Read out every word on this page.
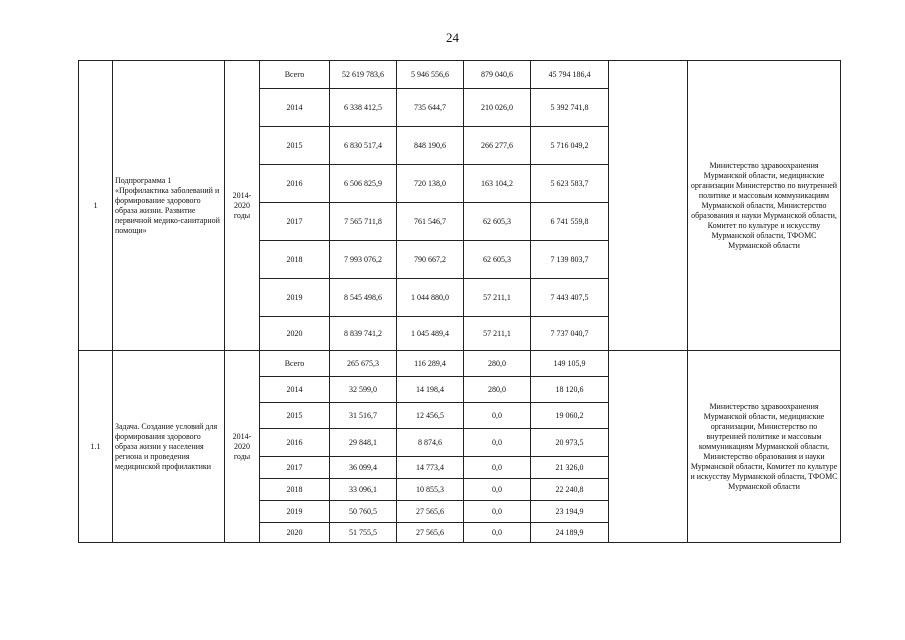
24
1	Подпрограмма 1 «Профилактика заболеваний и формирование здорового образа жизни. Развитие первичной медико-санитарной помощи»	2014-2020 годы	Всего	52 619 783,6	5 946 556,6	879 040,6	45 794 186,4		Министерство здравоохранения Мурманской области, медицинские организации Министерство по внутренней политике и массовым коммуникациям Мурманской области, Министерство образования и науки Мурманской области, Комитет по культуре и искусству Мурманской области, ТФОМС Мурманской области
			2014	6 338 412,5	735 644,7	210 026,0	5 392 741,8		
			2015	6 830 517,4	848 190,6	266 277,6	5 716 049,2		
			2016	6 506 825,9	720 138,0	163 104,2	5 623 583,7		
			2017	7 565 711,8	761 546,7	62 605,3	6 741 559,8		
			2018	7 993 076,2	790 667,2	62 605,3	7 139 803,7		
			2019	8 545 498,6	1 044 880,0	57 211,1	7 443 407,5		
			2020	8 839 741,2	1 045 489,4	57 211,1	7 737 040,7		
1.1	Задача. Создание условий для формирования здорового образа жизни у населения региона и проведения медицинской профилактики	2014-2020 годы	Всего	265 675,3	116 289,4	280,0	149 105,9		Министерство здравоохранения Мурманской области, медицинские организации, Министерство по внутренней политике и массовым коммуникациям Мурманской области, Министерство образования и науки Мурманской области, Комитет по культуре и искусству Мурманской области, ТФОМС Мурманской области
			2014	32 599,0	14 198,4	280,0	18 120,6		
			2015	31 516,7	12 456,5	0,0	19 060,2		
			2016	29 848,1	8 874,6	0,0	20 973,5		
			2017	36 099,4	14 773,4	0,0	21 326,0		
			2018	33 096,1	10 855,3	0,0	22 240,8		
			2019	50 760,5	27 565,6	0,0	23 194,9		
			2020	51 755,5	27 565,6	0,0	24 189,9		
